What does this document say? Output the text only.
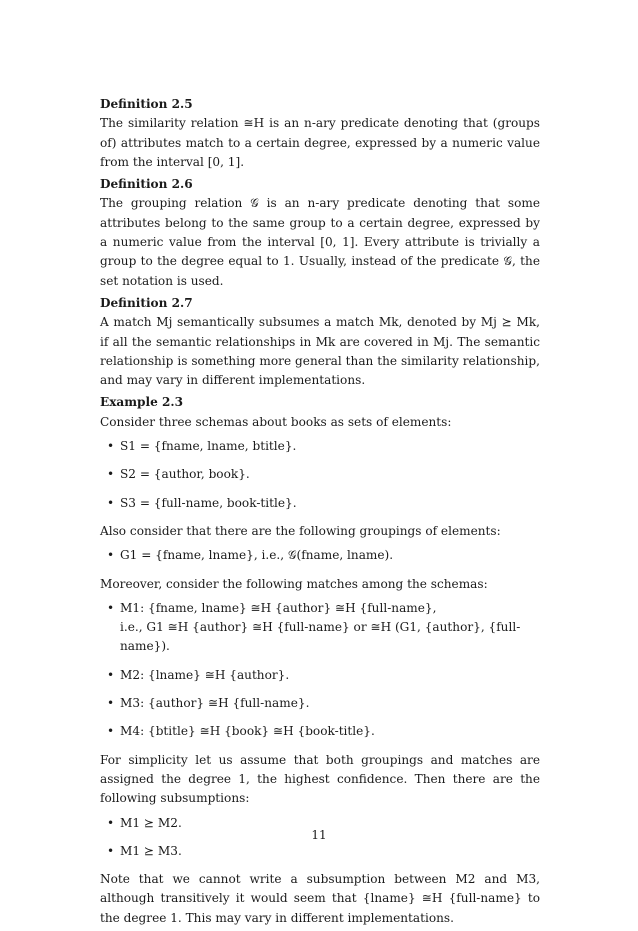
Definition 2.5

The similarity relation ≅H is an n-ary predicate denoting that (groups of) attributes match to a certain degree, expressed by a numeric value from the interval [0, 1].

Definition 2.6

The grouping relation 𝒢 is an n-ary predicate denoting that some attributes belong to the same group to a certain degree, expressed by a numeric value from the interval [0, 1]. Every attribute is trivially a group to the degree equal to 1. Usually, instead of the predicate 𝒢, the set notation is used.

Definition 2.7

A match Mj semantically subsumes a match Mk, denoted by Mj ⪰ Mk, if all the semantic relationships in Mk are covered in Mj. The semantic relationship is something more general than the similarity relationship, and may vary in different implementations.

Example 2.3

Consider three schemas about books as sets of elements:

• S1 = {fname, lname, btitle}.
• S2 = {author, book}.
• S3 = {full-name, book-title}.

Also consider that there are the following groupings of elements:

• G1 = {fname, lname}, i.e., 𝒢(fname, lname).

Moreover, consider the following matches among the schemas:

• M1: {fname, lname} ≅H {author} ≅H {full-name},
i.e., G1 ≅H {author} ≅H {full-name} or ≅H (G1, {author}, {full-name}).
• M2: {lname} ≅H {author}.
• M3: {author} ≅H {full-name}.
• M4: {btitle} ≅H {book} ≅H {book-title}.

For simplicity let us assume that both groupings and matches are assigned the degree 1, the highest confidence. Then there are the following subsumptions:

• M1 ⪰ M2.
• M1 ⪰ M3.

Note that we cannot write a subsumption between M2 and M3, although transitively it would seem that {lname} ≅H {full-name} to the degree 1. This may vary in different implementations.

11
